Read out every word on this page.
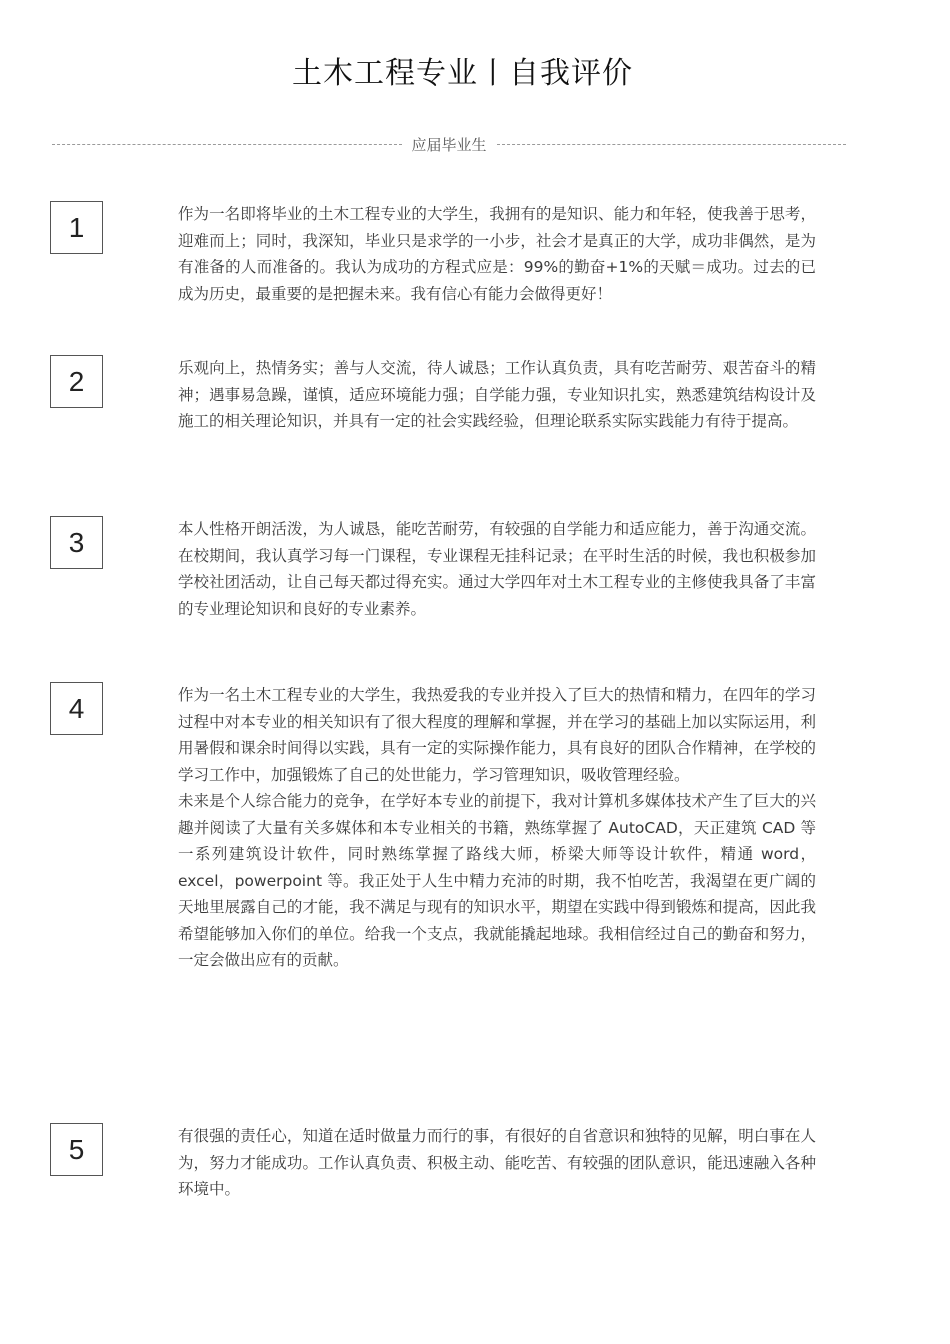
土木工程专业丨自我评价
应届毕业生
1	作为一名即将毕业的土木工程专业的大学生，我拥有的是知识、能力和年轻，使我善于思考，迎难而上；同时，我深知，毕业只是求学的一小步，社会才是真正的大学，成功非偶然，是为有准备的人而准备的。我认为成功的方程式应是：99%的勤奋+1%的天赋＝成功。过去的已成为历史，最重要的是把握未来。我有信心有能力会做得更好！

2	乐观向上，热情务实；善与人交流，待人诚恳；工作认真负责，具有吃苦耐劳、艰苦奋斗的精神；遇事易急躁，谨慎，适应环境能力强；自学能力强，专业知识扎实，熟悉建筑结构设计及施工的相关理论知识，并具有一定的社会实践经验，但理论联系实际实践能力有待于提高。

3	本人性格开朗活泼，为人诚恳，能吃苦耐劳，有较强的自学能力和适应能力，善于沟通交流。在校期间，我认真学习每一门课程，专业课程无挂科记录；在平时生活的时候，我也积极参加学校社团活动，让自己每天都过得充实。通过大学四年对土木工程专业的主修使我具备了丰富的专业理论知识和良好的专业素养。

4	作为一名土木工程专业的大学生，我热爱我的专业并投入了巨大的热情和精力，在四年的学习过程中对本专业的相关知识有了很大程度的理解和掌握，并在学习的基础上加以实际运用，利用暑假和课余时间得以实践，具有一定的实际操作能力，具有良好的团队合作精神，在学校的学习工作中，加强锻炼了自己的处世能力，学习管理知识，吸收管理经验。

未来是个人综合能力的竞争，在学好本专业的前提下，我对计算机多媒体技术产生了巨大的兴趣并阅读了大量有关多媒体和本专业相关的书籍，熟练掌握了 AutoCAD，天正建筑 CAD 等一系列建筑设计软件，同时熟练掌握了路线大师，桥梁大师等设计软件，精通 word，excel，powerpoint 等。我正处于人生中精力充沛的时期，我不怕吃苦，我渴望在更广阔的天地里展露自己的才能，我不满足与现有的知识水平，期望在实践中得到锻炼和提高，因此我希望能够加入你们的单位。给我一个支点，我就能撬起地球。我相信经过自己的勤奋和努力，一定会做出应有的贡献。

5	有很强的责任心，知道在适时做量力而行的事，有很好的自省意识和独特的见解，明白事在人为，努力才能成功。工作认真负责、积极主动、能吃苦、有较强的团队意识，能迅速融入各种环境中。
